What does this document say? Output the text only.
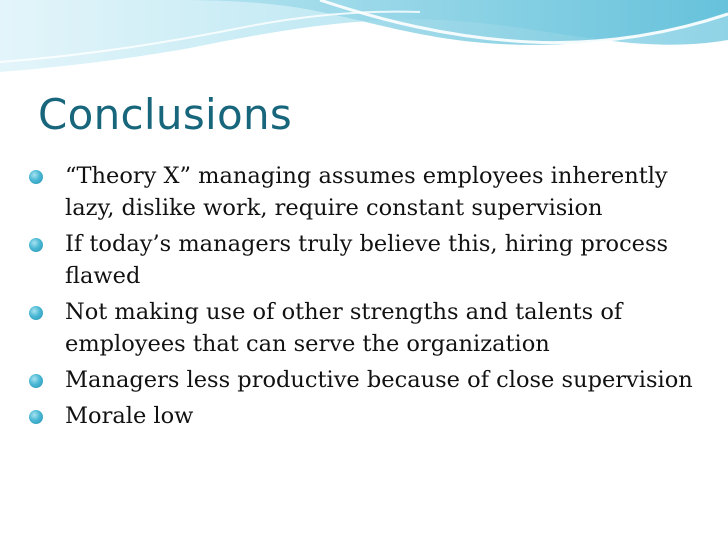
Conclusions
“Theory X” managing assumes employees inherently lazy, dislike work, require constant supervision
If today’s managers truly believe this, hiring process flawed
Not making use of other strengths and talents of employees that can serve the organization
Managers less productive because of close supervision
Morale low
